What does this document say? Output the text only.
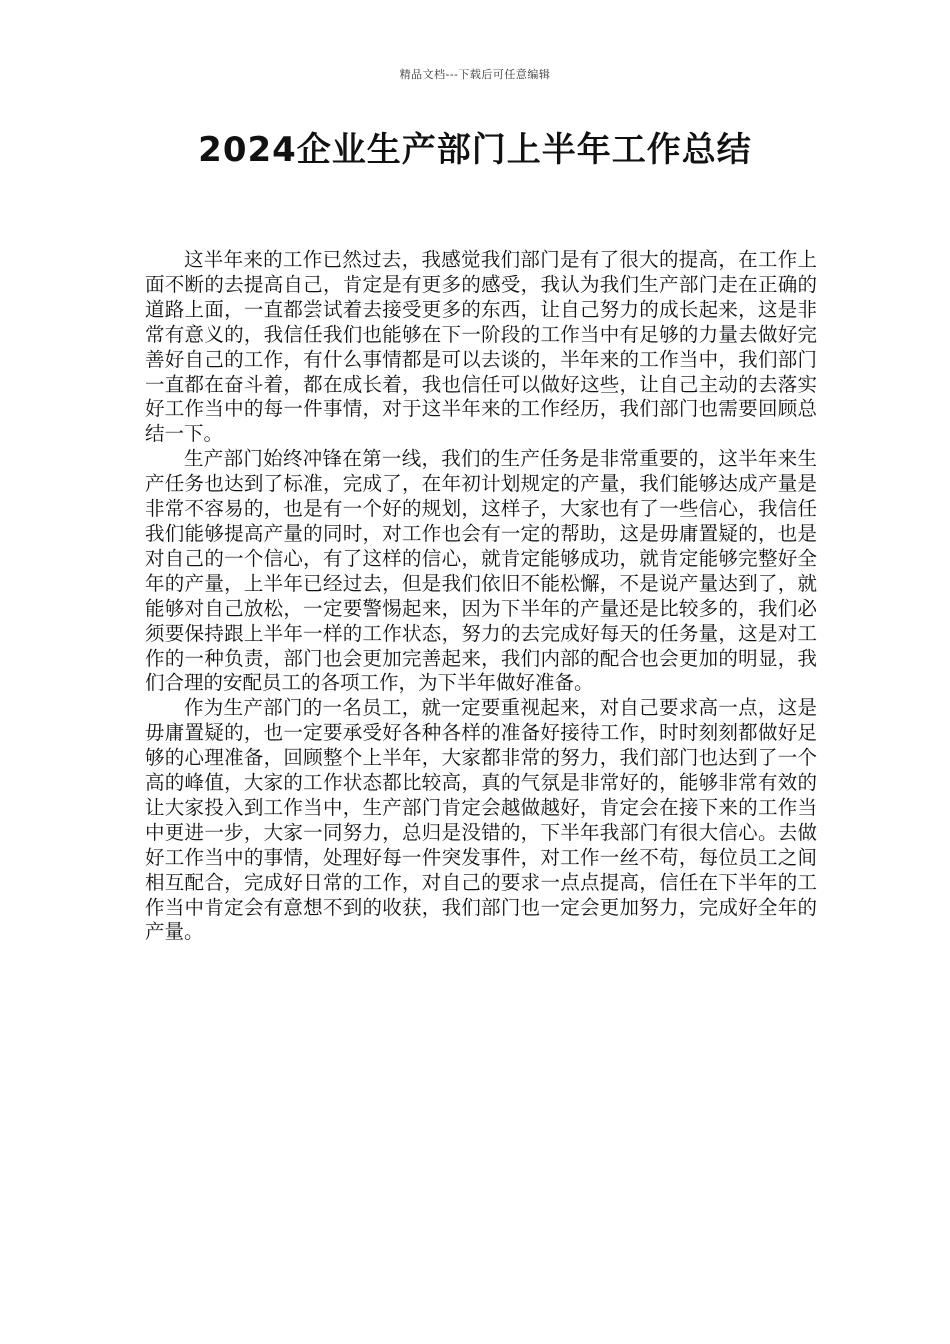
精品文档---下载后可任意编辑
2024企业生产部门上半年工作总结

这半年来的工作已然过去，我感觉我们部门是有了很大的提高，在工作上面不断的去提高自己，肯定是有更多的感受，我认为我们生产部门走在正确的道路上面，一直都尝试着去接受更多的东西，让自己努力的成长起来，这是非常有意义的，我信任我们也能够在下一阶段的工作当中有足够的力量去做好完善好自己的工作，有什么事情都是可以去谈的，半年来的工作当中，我们部门一直都在奋斗着，都在成长着，我也信任可以做好这些，让自己主动的去落实好工作当中的每一件事情，对于这半年来的工作经历，我们部门也需要回顾总结一下。

生产部门始终冲锋在第一线，我们的生产任务是非常重要的，这半年来生产任务也达到了标准，完成了，在年初计划规定的产量，我们能够达成产量是非常不容易的，也是有一个好的规划，这样子，大家也有了一些信心，我信任我们能够提高产量的同时，对工作也会有一定的帮助，这是毋庸置疑的，也是对自己的一个信心，有了这样的信心，就肯定能够成功，就肯定能够完整好全年的产量，上半年已经过去，但是我们依旧不能松懈，不是说产量达到了，就能够对自己放松，一定要警惕起来，因为下半年的产量还是比较多的，我们必须要保持跟上半年一样的工作状态，努力的去完成好每天的任务量，这是对工作的一种负责，部门也会更加完善起来，我们内部的配合也会更加的明显，我们合理的安配员工的各项工作，为下半年做好准备。

作为生产部门的一名员工，就一定要重视起来，对自己要求高一点，这是毋庸置疑的，也一定要承受好各种各样的准备好接待工作，时时刻刻都做好足够的心理准备，回顾整个上半年，大家都非常的努力，我们部门也达到了一个高的峰值，大家的工作状态都比较高，真的气氛是非常好的，能够非常有效的让大家投入到工作当中，生产部门肯定会越做越好，肯定会在接下来的工作当中更进一步，大家一同努力，总归是没错的，下半年我部门有很大信心。去做好工作当中的事情，处理好每一件突发事件，对工作一丝不苟，每位员工之间相互配合，完成好日常的工作，对自己的要求一点点提高，信任在下半年的工作当中肯定会有意想不到的收获，我们部门也一定会更加努力，完成好全年的产量。
